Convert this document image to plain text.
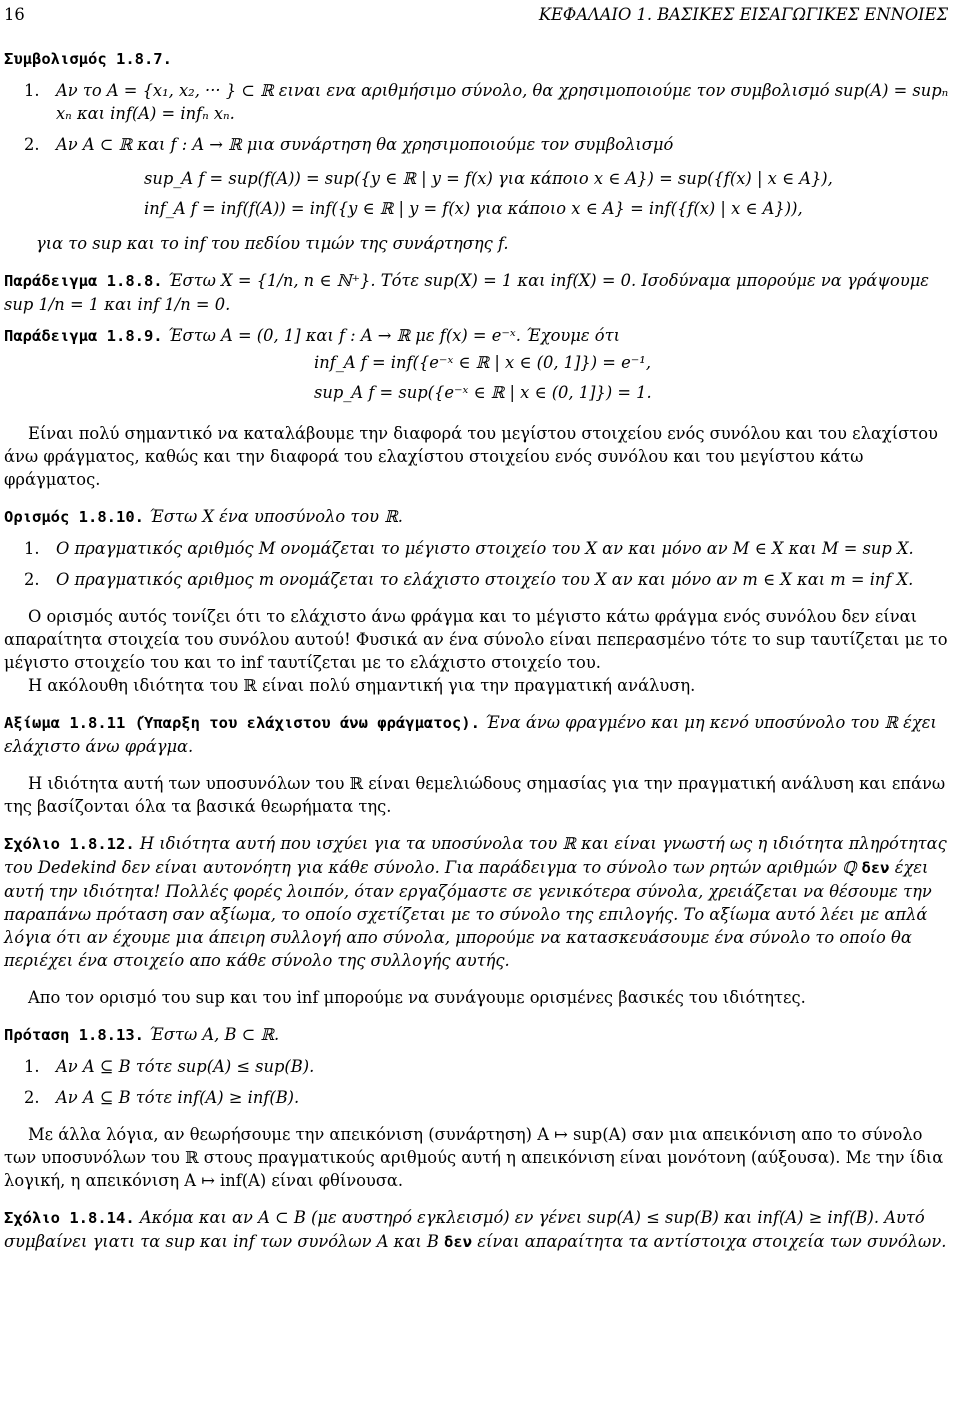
16	ΚΕΦΑΛΑΙΟ 1. ΒΑΣΙΚΕΣ ΕΙΣΑΓΩΓΙΚΕΣ ΕΝΝΟΙΕΣ

Συμβολισμός 1.8.7.

1.	Αν το A = {x₁, x₂, ··· } ⊂ ℝ ειναι ενα αριθμήσιμο σύνολο, θα χρησιμοποιούμε τον συμβολισμό sup(A) = supₙ xₙ και inf(A) = infₙ xₙ.
2.	Αν A ⊂ ℝ και f : A → ℝ μια συνάρτηση θα χρησιμοποιούμε τον συμβολισμό
sup_A f = sup(f(A)) = sup({y ∈ ℝ | y = f(x) για κάποιο x ∈ A}) = sup({f(x) | x ∈ A}),
inf_A f = inf(f(A)) = inf({y ∈ ℝ | y = f(x) για κάποιο x ∈ A} = inf({f(x) | x ∈ A})),

για το sup και το inf του πεδίου τιμών της συνάρτησης f.

Παράδειγμα 1.8.8. Έστω X = {1/n, n ∈ ℕ⁺}. Τότε sup(X) = 1 και inf(X) = 0. Ισοδύναμα μπορούμε να γράψουμε sup 1/n = 1 και inf 1/n = 0.

Παράδειγμα 1.8.9. Έστω A = (0, 1] και f : A → ℝ με f(x) = e⁻ˣ. Έχουμε ότι

inf_A f = inf({e⁻ˣ ∈ ℝ | x ∈ (0, 1]}) = e⁻¹,
sup_A f = sup({e⁻ˣ ∈ ℝ | x ∈ (0, 1]}) = 1.

Είναι πολύ σημαντικό να καταλάβουμε την διαφορά του μεγίστου στοιχείου ενός συνόλου και του ελαχίστου άνω φράγματος, καθώς και την διαφορά του ελαχίστου στοιχείου ενός συνόλου και του μεγίστου κάτω φράγματος.

Ορισμός 1.8.10. Έστω X ένα υποσύνολο του ℝ.

1.	Ο πραγματικός αριθμός M ονομάζεται το μέγιστο στοιχείο του X αν και μόνο αν M ∈ X και M = sup X.
2.	Ο πραγματικός αριθμος m ονομάζεται το ελάχιστο στοιχείο του X αν και μόνο αν m ∈ X και m = inf X.

Ο ορισμός αυτός τονίζει ότι το ελάχιστο άνω φράγμα και το μέγιστο κάτω φράγμα ενός συνόλου δεν είναι απαραίτητα στοιχεία του συνόλου αυτού! Φυσικά αν ένα σύνολο είναι πεπερασμένο τότε το sup ταυτίζεται με το μέγιστο στοιχείο του και το inf ταυτίζεται με το ελάχιστο στοιχείο του.

Η ακόλουθη ιδιότητα του ℝ είναι πολύ σημαντική για την πραγματική ανάλυση.

Αξίωμα 1.8.11 (Ύπαρξη του ελάχιστου άνω φράγματος). Ένα άνω φραγμένο και μη κενό υποσύνολο του ℝ έχει ελάχιστο άνω φράγμα.

Η ιδιότητα αυτή των υποσυνόλων του ℝ είναι θεμελιώδους σημασίας για την πραγματική ανάλυση και επάνω της βασίζονται όλα τα βασικά θεωρήματα της.

Σχόλιο 1.8.12. Η ιδιότητα αυτή που ισχύει για τα υποσύνολα του ℝ και είναι γνωστή ως η ιδιότητα πληρότητας του Dedekind δεν είναι αυτονόητη για κάθε σύνολο. Για παράδειγμα το σύνολο των ρητών αριθμών ℚ δεν έχει αυτή την ιδιότητα! Πολλές φορές λοιπόν, όταν εργαζόμαστε σε γενικότερα σύνολα, χρειάζεται να θέσουμε την παραπάνω πρόταση σαν αξίωμα, το οποίο σχετίζεται με το σύνολο της επιλογής. Το αξίωμα αυτό λέει με απλά λόγια ότι αν έχουμε μια άπειρη συλλογή απο σύνολα, μπορούμε να κατασκευάσουμε ένα σύνολο το οποίο θα περιέχει ένα στοιχείο απο κάθε σύνολο της συλλογής αυτής.

Απο τον ορισμό του sup και του inf μπορούμε να συνάγουμε ορισμένες βασικές του ιδιότητες.

Πρόταση 1.8.13. Έστω A, B ⊂ ℝ.

1.	Αν A ⊆ B τότε sup(A) ≤ sup(B).
2.	Αν A ⊆ B τότε inf(A) ≥ inf(B).

Με άλλα λόγια, αν θεωρήσουμε την απεικόνιση (συνάρτηση) A ↦ sup(A) σαν μια απεικόνιση απο το σύνολο των υποσυνόλων του ℝ στους πραγματικούς αριθμούς αυτή η απεικόνιση είναι μονότονη (αύξουσα). Με την ίδια λογική, η απεικόνιση A ↦ inf(A) είναι φθίνουσα.

Σχόλιο 1.8.14. Ακόμα και αν A ⊂ B (με αυστηρό εγκλεισμό) εν γένει sup(A) ≤ sup(B) και inf(A) ≥ inf(B). Αυτό συμβαίνει γιατι τα sup και inf των συνόλων A και B δεν είναι απαραίτητα τα αντίστοιχα στοιχεία των συνόλων.
